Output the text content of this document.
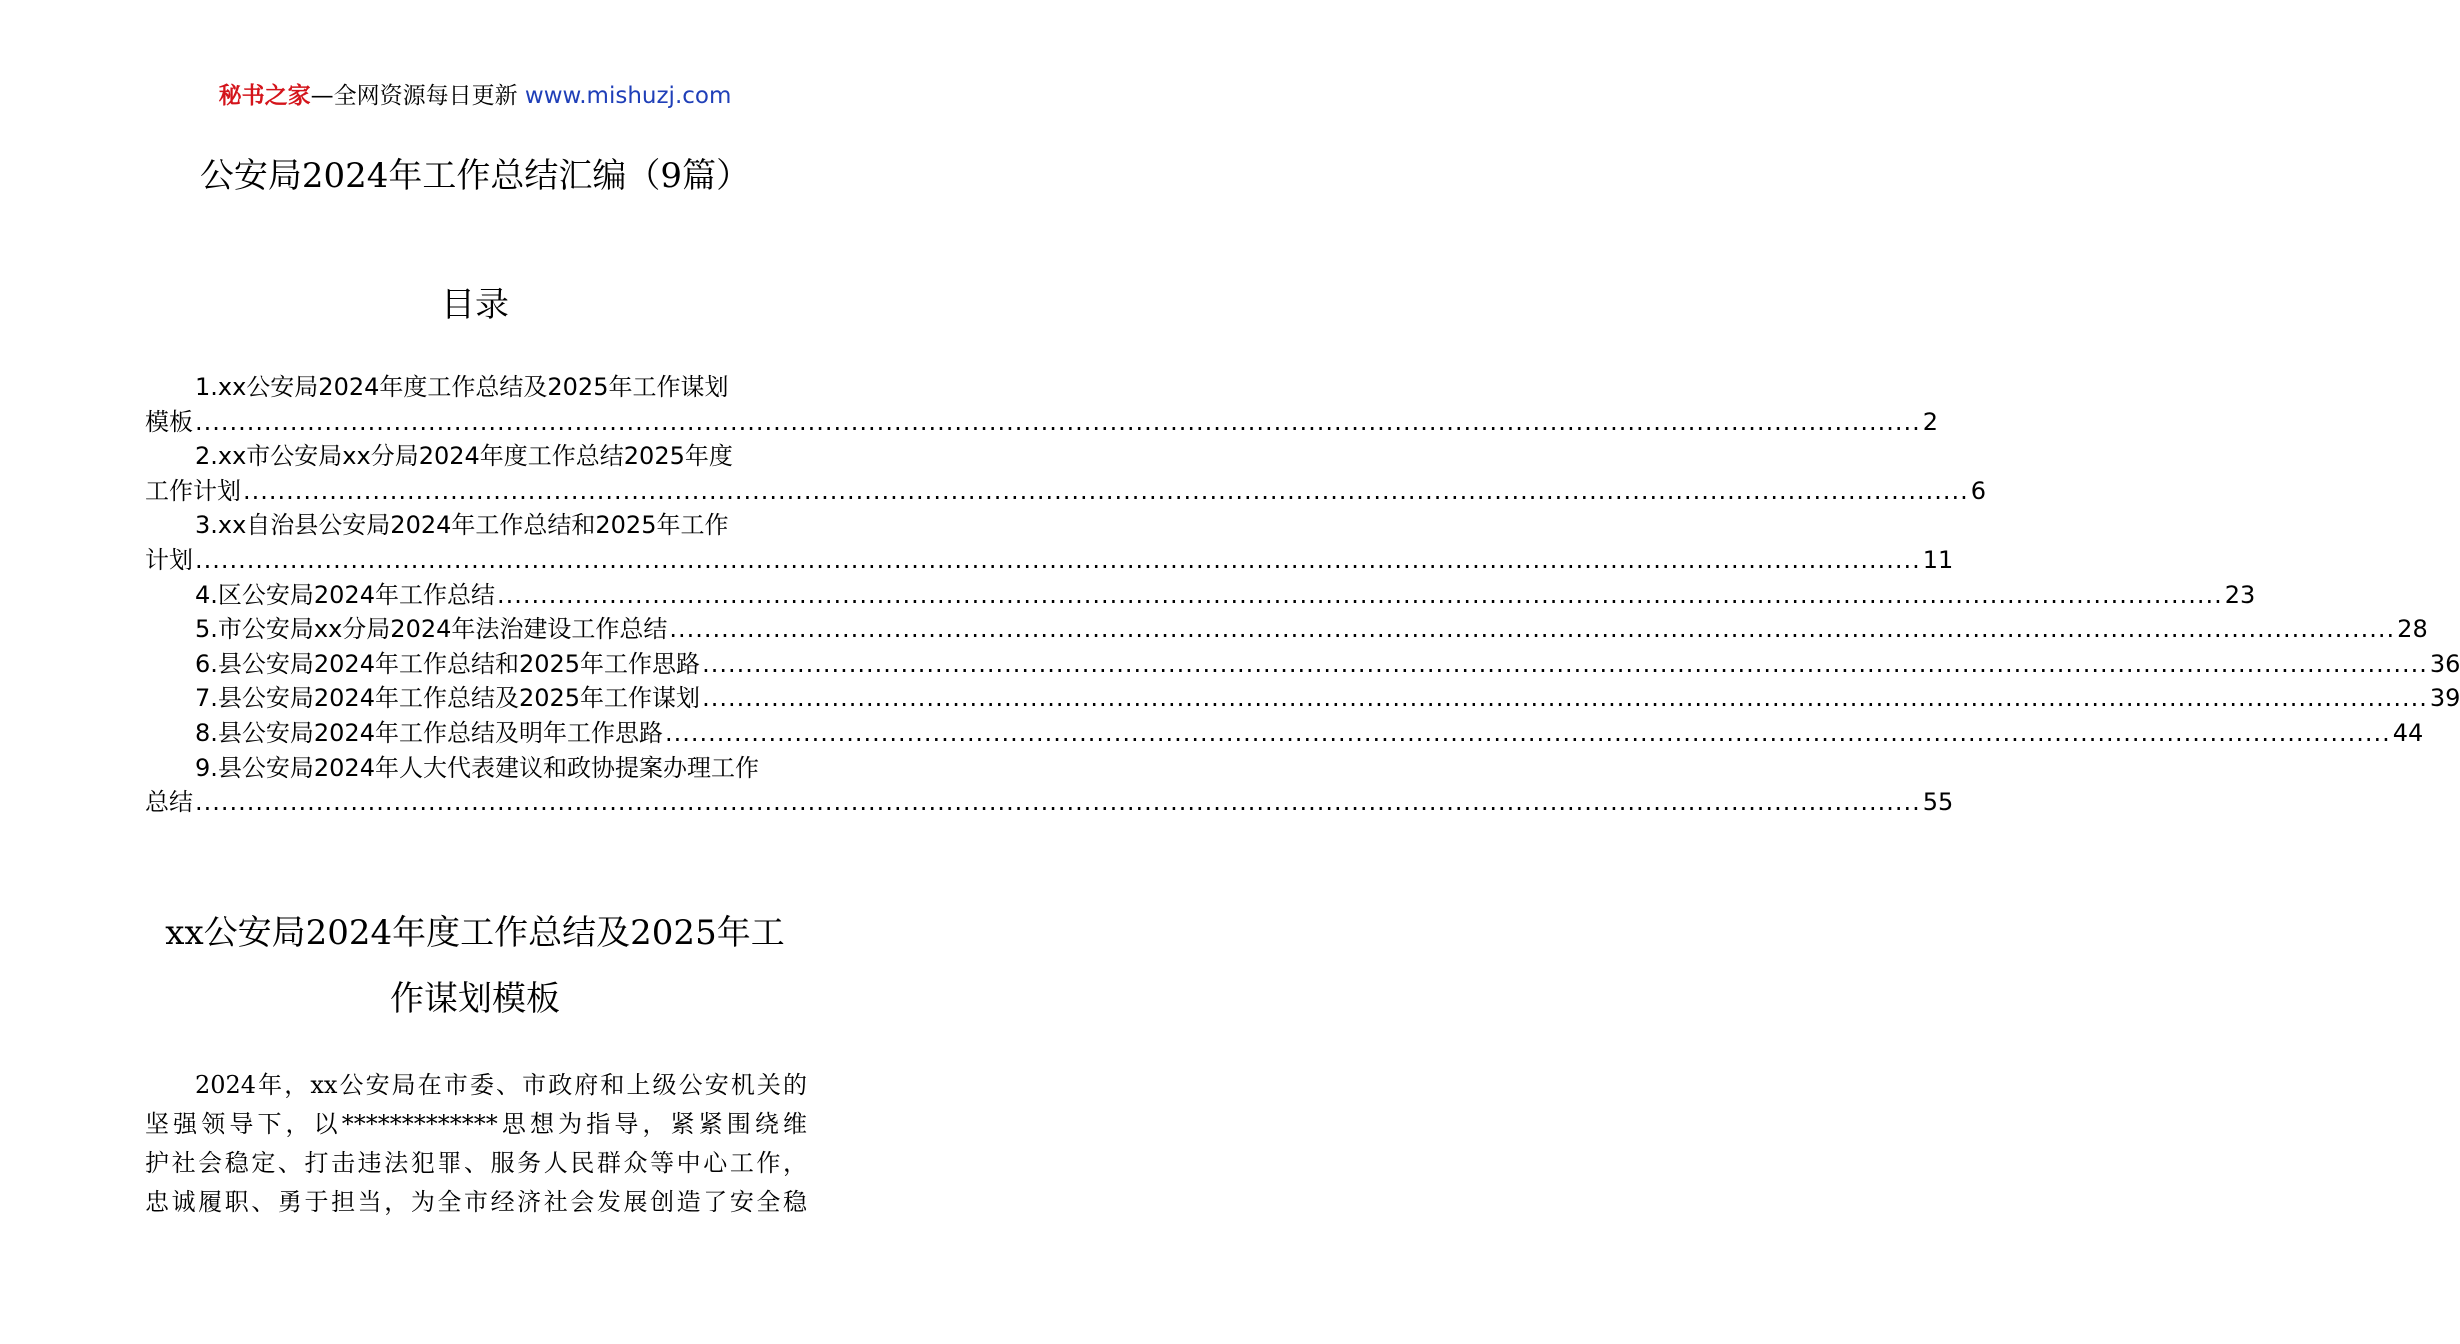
秘书之家—全网资源每日更新 www.mishuzj.com
公安局2024年工作总结汇编（9篇）
目录
1.xx公安局2024年度工作总结及2025年工作谋划
模板 ........................................................................................................................................................................................................ 2
2.xx市公安局xx分局2024年度工作总结2025年度
工作计划 ........................................................................................................................................................................................................ 6
3.xx自治县公安局2024年工作总结和2025年工作
计划 ........................................................................................................................................................................................................ 11
4.区公安局2024年工作总结 ........................................................................................................................................................................................................ 23
5.市公安局xx分局2024年法治建设工作总结 ........................................................................................................................................................................................................ 28
6.县公安局2024年工作总结和2025年工作思路 ........................................................................................................................................................................................................ 36
7.县公安局2024年工作总结及2025年工作谋划 ........................................................................................................................................................................................................ 39
8.县公安局2024年工作总结及明年工作思路 ........................................................................................................................................................................................................ 44
9.县公安局2024年人大代表建议和政协提案办理工作
总结 ........................................................................................................................................................................................................ 55
xx公安局2024年度工作总结及2025年工
作谋划模板
2024年，xx公安局在市委、市政府和上级公安机关的
坚强领导下，以*************思想为指导，紧紧围绕维
护社会稳定、打击违法犯罪、服务人民群众等中心工作，
忠诚履职、勇于担当，为全市经济社会发展创造了安全稳
